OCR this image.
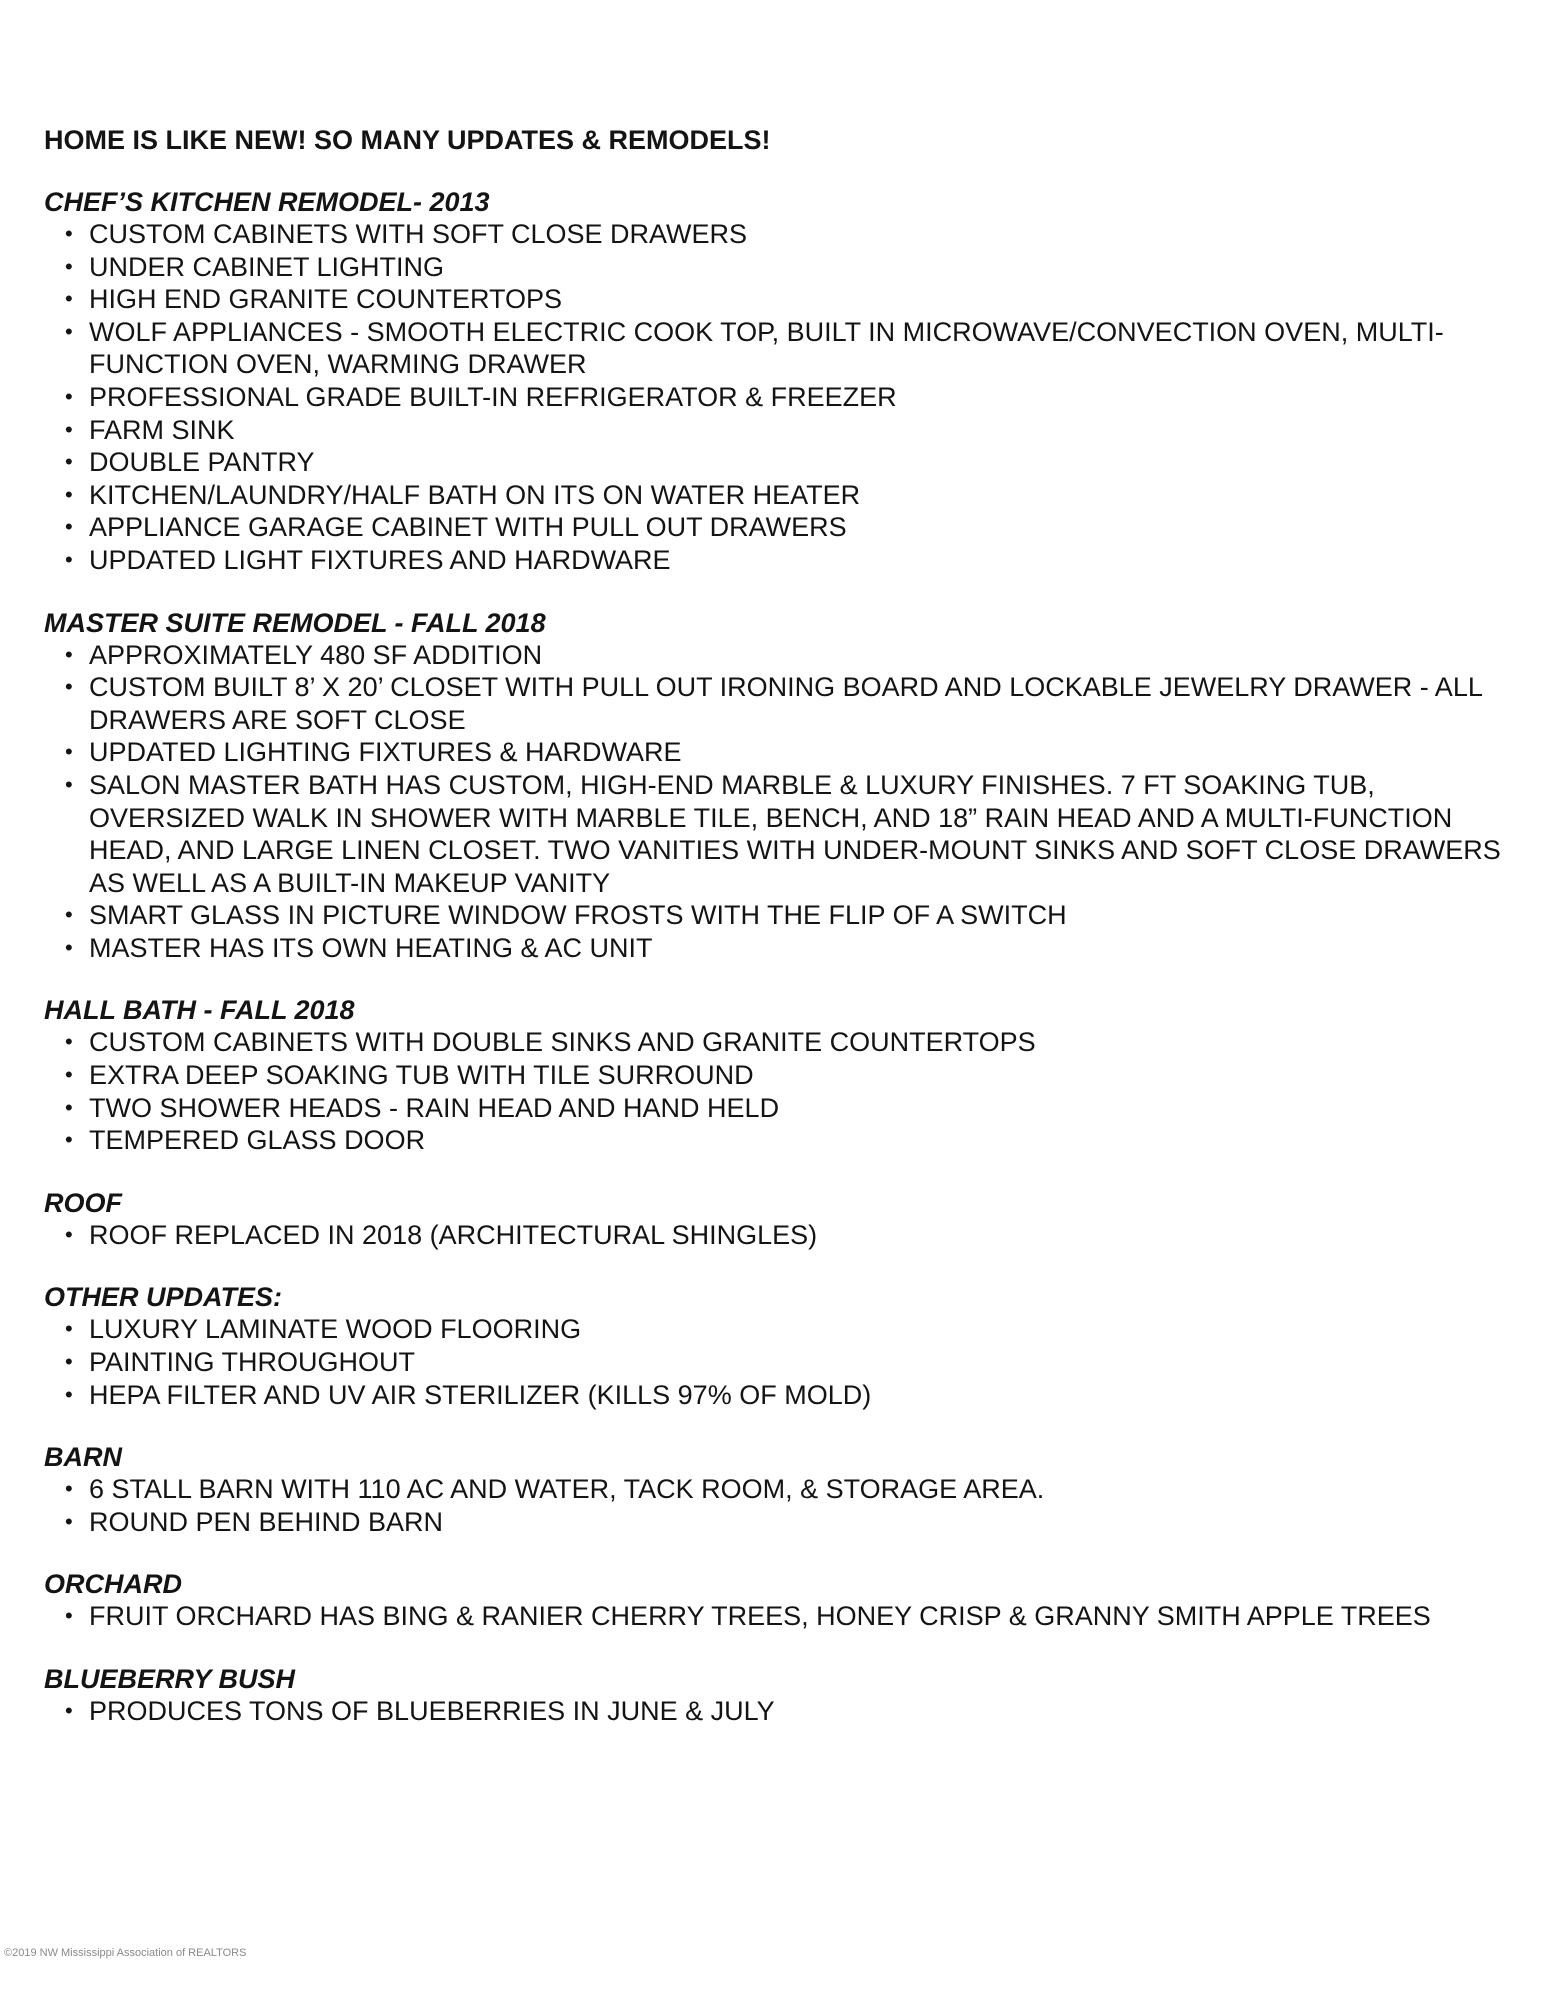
HOME IS LIKE NEW! SO MANY UPDATES & REMODELS!
CHEF’S KITCHEN REMODEL- 2013
• CUSTOM CABINETS WITH SOFT CLOSE DRAWERS
• UNDER CABINET LIGHTING
• HIGH END GRANITE COUNTERTOPS
• WOLF APPLIANCES - SMOOTH ELECTRIC COOK TOP, BUILT IN MICROWAVE/CONVECTION OVEN, MULTI-FUNCTION OVEN, WARMING DRAWER
• PROFESSIONAL GRADE BUILT-IN REFRIGERATOR & FREEZER
• FARM SINK
• DOUBLE PANTRY
• KITCHEN/LAUNDRY/HALF BATH ON ITS ON WATER HEATER
• APPLIANCE GARAGE CABINET WITH PULL OUT DRAWERS
• UPDATED LIGHT FIXTURES AND HARDWARE
MASTER SUITE REMODEL - FALL 2018
• APPROXIMATELY 480 SF ADDITION
• CUSTOM BUILT 8’ X 20’ CLOSET WITH PULL OUT IRONING BOARD AND LOCKABLE JEWELRY DRAWER - ALL DRAWERS ARE SOFT CLOSE
• UPDATED LIGHTING FIXTURES & HARDWARE
• SALON MASTER BATH HAS CUSTOM, HIGH-END MARBLE & LUXURY FINISHES. 7 FT SOAKING TUB, OVERSIZED WALK IN SHOWER WITH MARBLE TILE, BENCH, AND 18” RAIN HEAD AND A MULTI-FUNCTION HEAD, AND LARGE LINEN CLOSET. TWO VANITIES WITH UNDER-MOUNT SINKS AND SOFT CLOSE DRAWERS AS WELL AS A BUILT-IN MAKEUP VANITY
• SMART GLASS IN PICTURE WINDOW FROSTS WITH THE FLIP OF A SWITCH
• MASTER HAS ITS OWN HEATING & AC UNIT
HALL BATH - FALL 2018
• CUSTOM CABINETS WITH DOUBLE SINKS AND GRANITE COUNTERTOPS
• EXTRA DEEP SOAKING TUB WITH TILE SURROUND
• TWO SHOWER HEADS - RAIN HEAD AND HAND HELD
• TEMPERED GLASS DOOR
ROOF
• ROOF REPLACED IN 2018 (ARCHITECTURAL SHINGLES)
OTHER UPDATES:
• LUXURY LAMINATE WOOD FLOORING
• PAINTING THROUGHOUT
• HEPA FILTER AND UV AIR STERILIZER (KILLS 97% OF MOLD)
BARN
• 6 STALL BARN WITH 110 AC AND WATER, TACK ROOM, & STORAGE AREA.
• ROUND PEN BEHIND BARN
ORCHARD
• FRUIT ORCHARD HAS BING & RANIER CHERRY TREES, HONEY CRISP & GRANNY SMITH APPLE TREES
BLUEBERRY BUSH
• PRODUCES TONS OF BLUEBERRIES IN JUNE & JULY
©2019 NW Mississippi Association of REALTORS
